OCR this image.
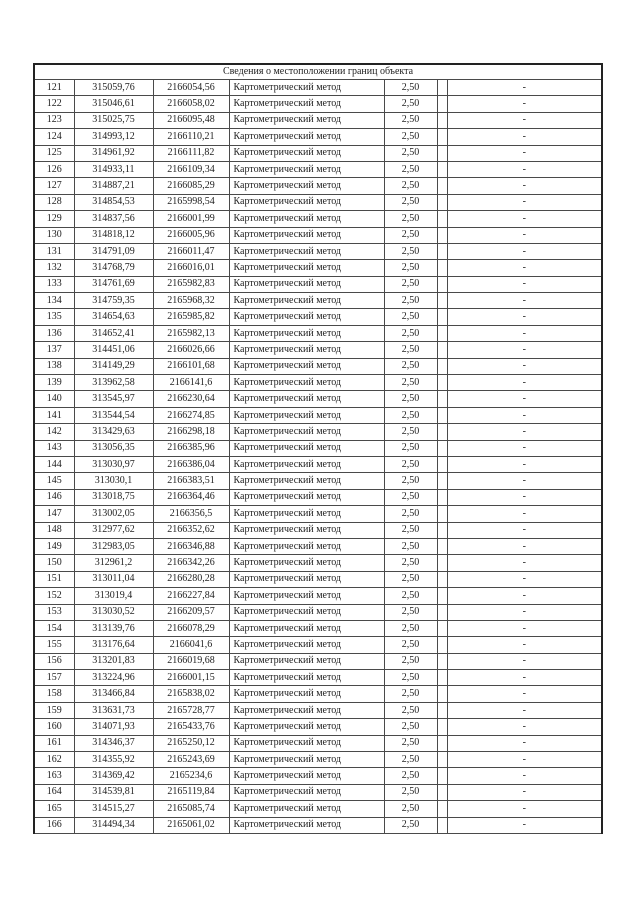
Сведения о местоположении границ объекта						
121	315059,76	2166054,56	Картометрический метод	2,50		-
122	315046,61	2166058,02	Картометрический метод	2,50		-
123	315025,75	2166095,48	Картометрический метод	2,50		-
124	314993,12	2166110,21	Картометрический метод	2,50		-
125	314961,92	2166111,82	Картометрический метод	2,50		-
126	314933,11	2166109,34	Картометрический метод	2,50		-
127	314887,21	2166085,29	Картометрический метод	2,50		-
128	314854,53	2165998,54	Картометрический метод	2,50		-
129	314837,56	2166001,99	Картометрический метод	2,50		-
130	314818,12	2166005,96	Картометрический метод	2,50		-
131	314791,09	2166011,47	Картометрический метод	2,50		-
132	314768,79	2166016,01	Картометрический метод	2,50		-
133	314761,69	2165982,83	Картометрический метод	2,50		-
134	314759,35	2165968,32	Картометрический метод	2,50		-
135	314654,63	2165985,82	Картометрический метод	2,50		-
136	314652,41	2165982,13	Картометрический метод	2,50		-
137	314451,06	2166026,66	Картометрический метод	2,50		-
138	314149,29	2166101,68	Картометрический метод	2,50		-
139	313962,58	2166141,6	Картометрический метод	2,50		-
140	313545,97	2166230,64	Картометрический метод	2,50		-
141	313544,54	2166274,85	Картометрический метод	2,50		-
142	313429,63	2166298,18	Картометрический метод	2,50		-
143	313056,35	2166385,96	Картометрический метод	2,50		-
144	313030,97	2166386,04	Картометрический метод	2,50		-
145	313030,1	2166383,51	Картометрический метод	2,50		-
146	313018,75	2166364,46	Картометрический метод	2,50		-
147	313002,05	2166356,5	Картометрический метод	2,50		-
148	312977,62	2166352,62	Картометрический метод	2,50		-
149	312983,05	2166346,88	Картометрический метод	2,50		-
150	312961,2	2166342,26	Картометрический метод	2,50		-
151	313011,04	2166280,28	Картометрический метод	2,50		-
152	313019,4	2166227,84	Картометрический метод	2,50		-
153	313030,52	2166209,57	Картометрический метод	2,50		-
154	313139,76	2166078,29	Картометрический метод	2,50		-
155	313176,64	2166041,6	Картометрический метод	2,50		-
156	313201,83	2166019,68	Картометрический метод	2,50		-
157	313224,96	2166001,15	Картометрический метод	2,50		-
158	313466,84	2165838,02	Картометрический метод	2,50		-
159	313631,73	2165728,77	Картометрический метод	2,50		-
160	314071,93	2165433,76	Картометрический метод	2,50		-
161	314346,37	2165250,12	Картометрический метод	2,50		-
162	314355,92	2165243,69	Картометрический метод	2,50		-
163	314369,42	2165234,6	Картометрический метод	2,50		-
164	314539,81	2165119,84	Картометрический метод	2,50		-
165	314515,27	2165085,74	Картометрический метод	2,50		-
166	314494,34	2165061,02	Картометрический метод	2,50		-
